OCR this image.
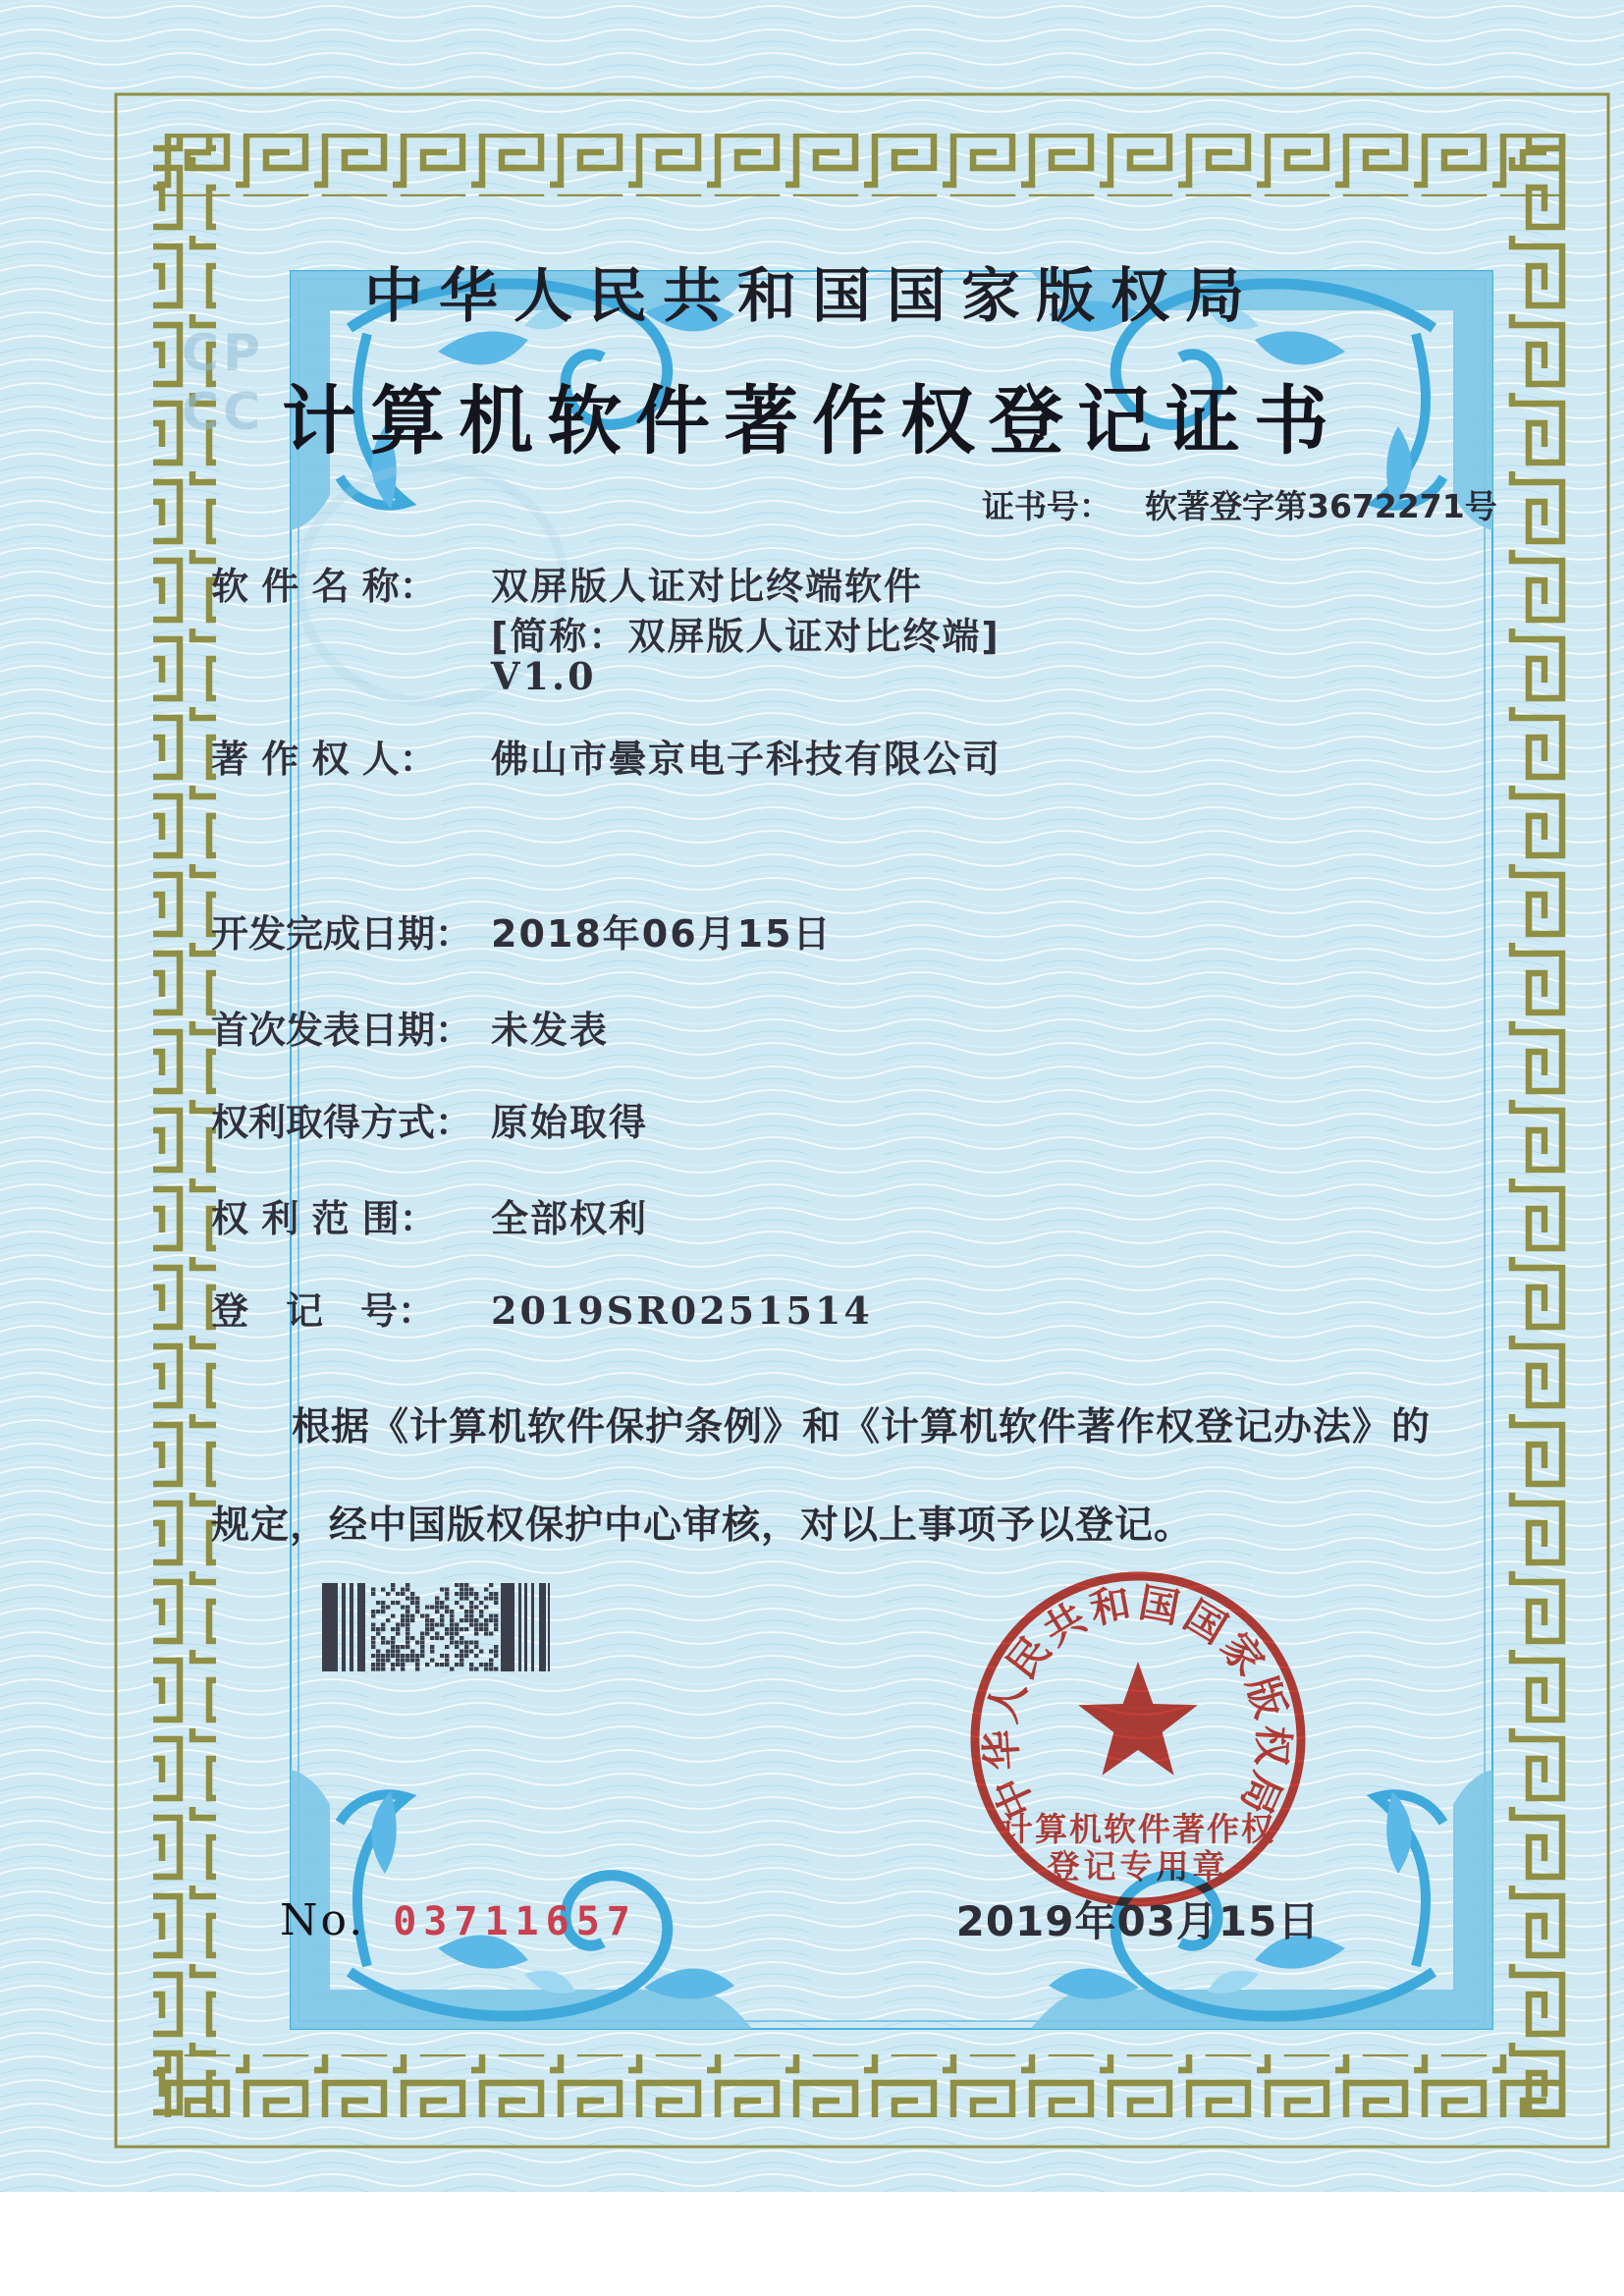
CP
CC
中华人民共和国国家版权局
计算机软件著作权登记证书
证书号： 软著登字第3672271号
软 件 名 称： 双屏版人证对比终端软件
[简称：双屏版人证对比终端]
V1.0
著 作 权 人： 佛山市曇京电子科技有限公司
开发完成日期： 2018年06月15日
首次发表日期： 未发表
权利取得方式： 原始取得
权 利 范 围： 全部权利
登　记　号： 2019SR0251514
根据《计算机软件保护条例》和《计算机软件著作权登记办法》的
规定，经中国版权保护中心审核，对以上事项予以登记。
中华人民共和国国家版权局
计算机软件著作权
登记专用章
2019年03月15日
No. 03711657
